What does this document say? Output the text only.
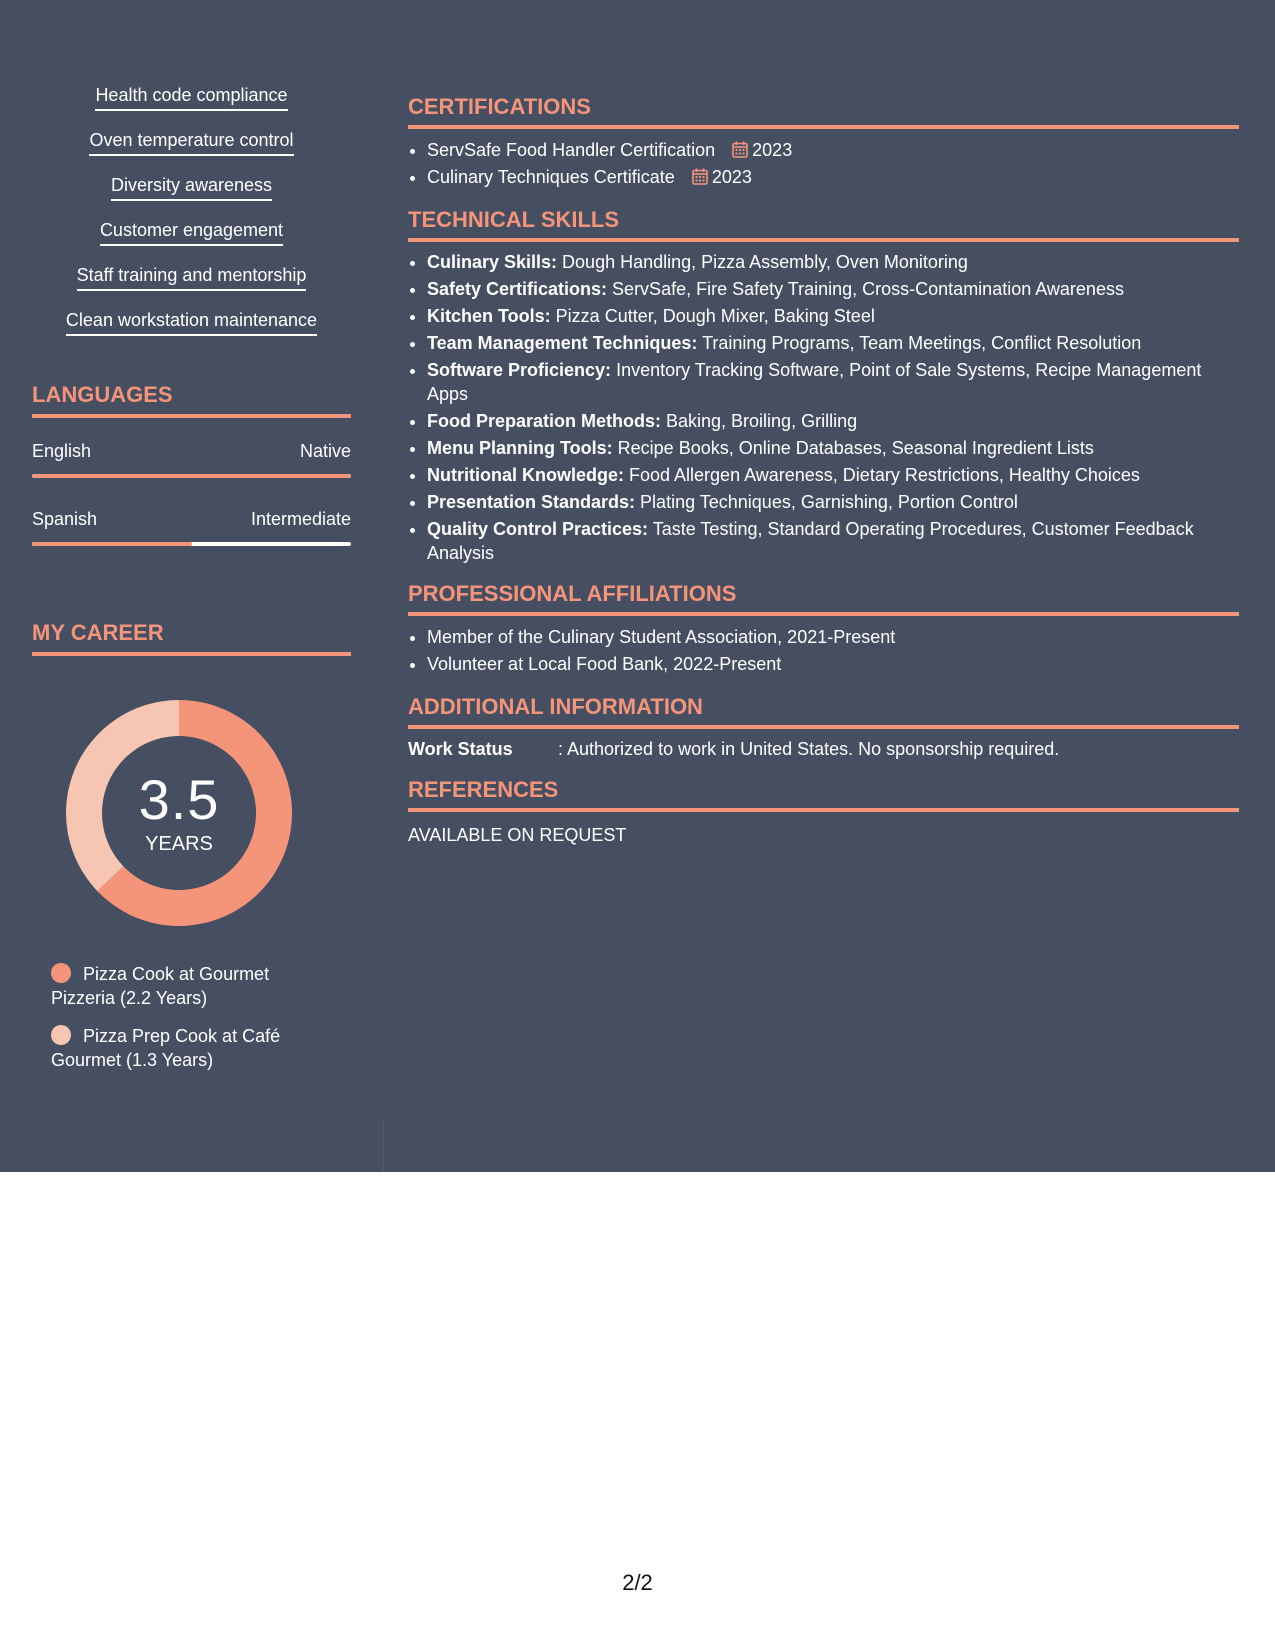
Health code compliance
Oven temperature control
Diversity awareness
Customer engagement
Staff training and mentorship
Clean workstation maintenance
LANGUAGES
English	Native
Spanish	Intermediate
MY CAREER
3.5
YEARS
Pizza Cook at Gourmet Pizzeria (2.2 Years)
Pizza Prep Cook at Café Gourmet (1.3 Years)
CERTIFICATIONS
• ServSafe Food Handler Certification 2023
• Culinary Techniques Certificate 2023
TECHNICAL SKILLS
• Culinary Skills: Dough Handling, Pizza Assembly, Oven Monitoring
• Safety Certifications: ServSafe, Fire Safety Training, Cross-Contamination Awareness
• Kitchen Tools: Pizza Cutter, Dough Mixer, Baking Steel
• Team Management Techniques: Training Programs, Team Meetings, Conflict Resolution
• Software Proficiency: Inventory Tracking Software, Point of Sale Systems, Recipe Management Apps
• Food Preparation Methods: Baking, Broiling, Grilling
• Menu Planning Tools: Recipe Books, Online Databases, Seasonal Ingredient Lists
• Nutritional Knowledge: Food Allergen Awareness, Dietary Restrictions, Healthy Choices
• Presentation Standards: Plating Techniques, Garnishing, Portion Control
• Quality Control Practices: Taste Testing, Standard Operating Procedures, Customer Feedback Analysis
PROFESSIONAL AFFILIATIONS
• Member of the Culinary Student Association, 2021-Present
• Volunteer at Local Food Bank, 2022-Present
ADDITIONAL INFORMATION
Work Status	: Authorized to work in United States. No sponsorship required.
REFERENCES
AVAILABLE ON REQUEST
2/2
